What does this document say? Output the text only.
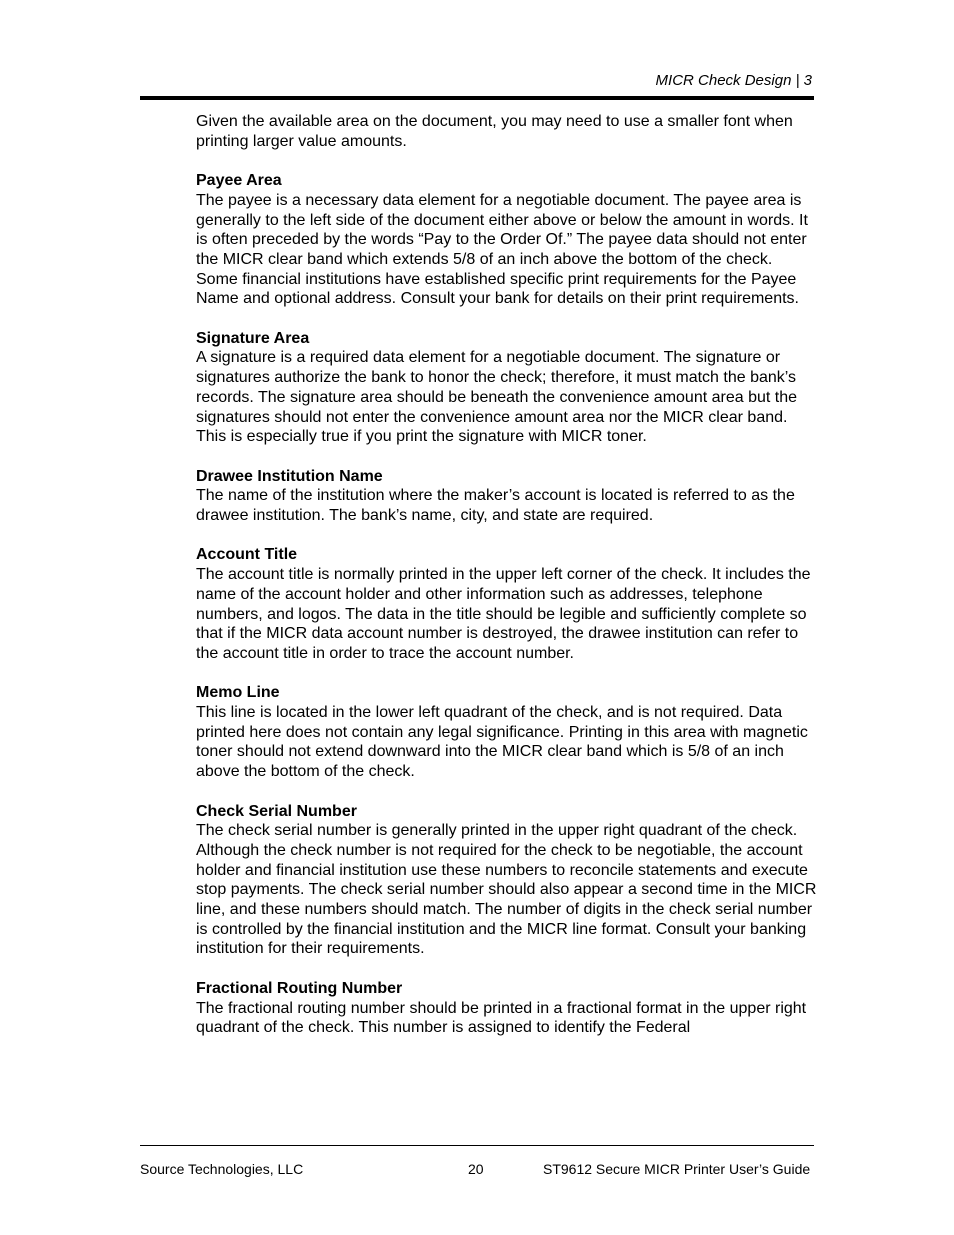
MICR Check Design | 3

Given the available area on the document, you may need to use a smaller font when printing larger value amounts.

Payee Area

The payee is a necessary data element for a negotiable document. The payee area is generally to the left side of the document either above or below the amount in words. It is often preceded by the words “Pay to the Order Of.” The payee data should not enter the MICR clear band which extends 5/8 of an inch above the bottom of the check. Some financial institutions have established specific print requirements for the Payee Name and optional address. Consult your bank for details on their print requirements.

Signature Area

A signature is a required data element for a negotiable document. The signature or signatures authorize the bank to honor the check; therefore, it must match the bank’s records. The signature area should be beneath the convenience amount area but the signatures should not enter the convenience amount area nor the MICR clear band. This is especially true if you print the signature with MICR toner.

Drawee Institution Name

The name of the institution where the maker’s account is located is referred to as the drawee institution. The bank’s name, city, and state are required.

Account Title

The account title is normally printed in the upper left corner of the check. It includes the name of the account holder and other information such as addresses, telephone numbers, and logos. The data in the title should be legible and sufficiently complete so that if the MICR data account number is destroyed, the drawee institution can refer to the account title in order to trace the account number.

Memo Line

This line is located in the lower left quadrant of the check, and is not required. Data printed here does not contain any legal significance. Printing in this area with magnetic toner should not extend downward into the MICR clear band which is 5/8 of an inch above the bottom of the check.

Check Serial Number

The check serial number is generally printed in the upper right quadrant of the check. Although the check number is not required for the check to be negotiable, the account holder and financial institution use these numbers to reconcile statements and execute stop payments. The check serial number should also appear a second time in the MICR line, and these numbers should match. The number of digits in the check serial number is controlled by the financial institution and the MICR line format. Consult your banking institution for their requirements.

Fractional Routing Number

The fractional routing number should be printed in a fractional format in the upper right quadrant of the check. This number is assigned to identify the Federal

Source Technologies, LLC	20	ST9612 Secure MICR Printer User’s Guide
